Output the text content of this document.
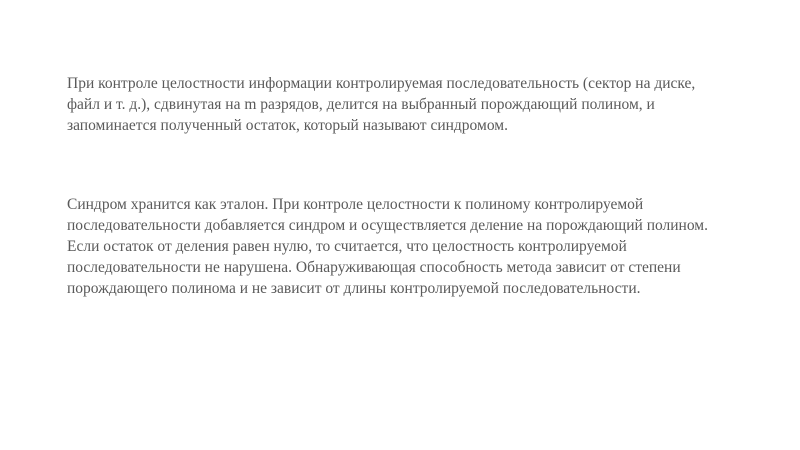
При контроле целостности информации контролируемая последовательность (сектор на диске,
файл и т. д.), сдвинутая на m разрядов, делится на выбранный порождающий полином, и
запоминается полученный остаток, который называют синдромом.

Синдром хранится как эталон. При контроле целостности к полиному контролируемой
последовательности добавляется синдром и осуществляется деление на порождающий полином.
Если остаток от деления равен нулю, то считается, что целостность контролируемой
последовательности не нарушена. Обнаруживающая способность метода зависит от степени
порождающего полинома и не зависит от длины контролируемой последовательности.
